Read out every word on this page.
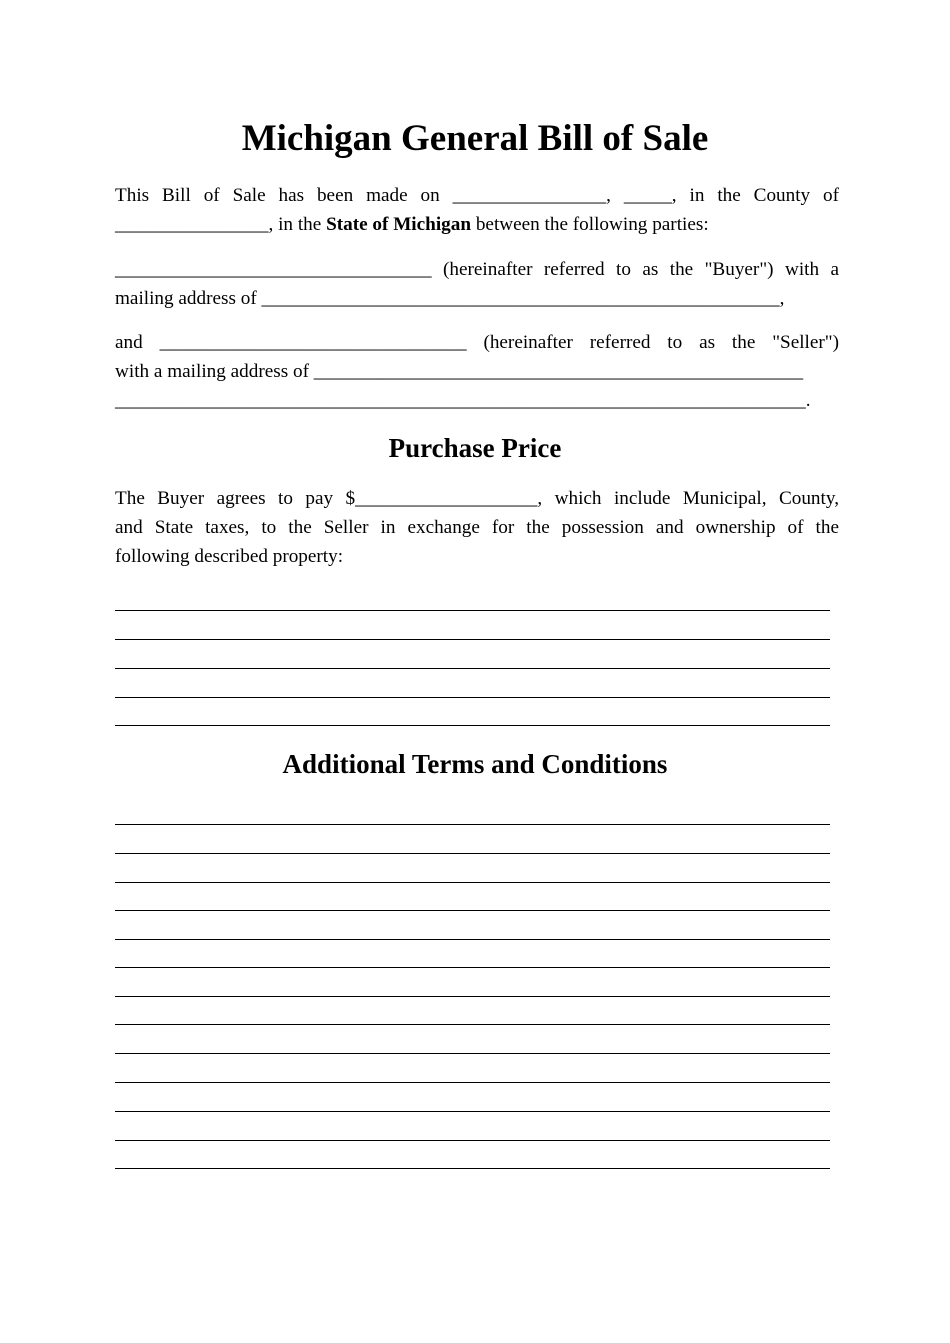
Michigan General Bill of Sale
This Bill of Sale has been made on ________________, _____, in the County of
________________, in the State of Michigan between the following parties:
_________________________________ (hereinafter referred to as the "Buyer") with a
mailing address of ______________________________________________________,
and ________________________________ (hereinafter referred to as the "Seller")
with a mailing address of ___________________________________________________
________________________________________________________________________.
Purchase Price
The Buyer agrees to pay $___________________, which include Municipal, County,
and State taxes, to the Seller in exchange for the possession and ownership of the
following described property:
Additional Terms and Conditions
